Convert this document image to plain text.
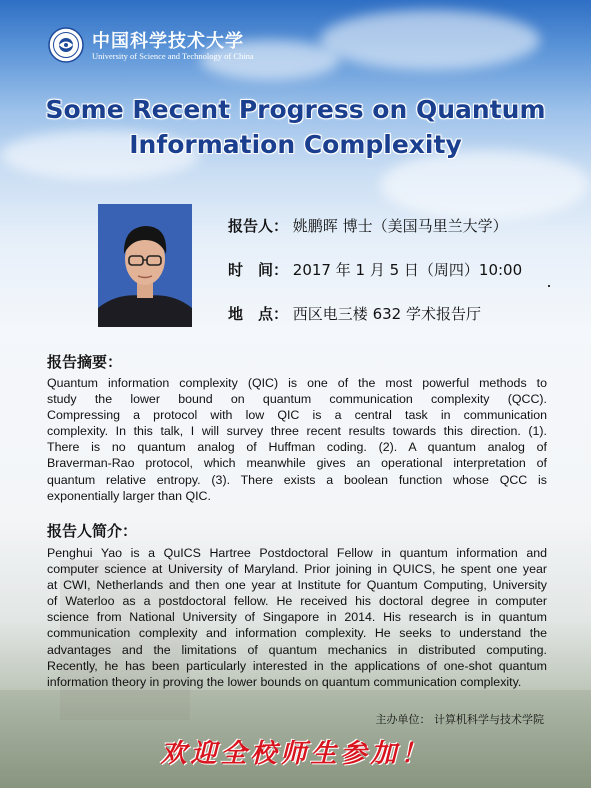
中国科学技术大学
University of Science and Technology of China
Some Recent Progress on Quantum
Information Complexity
报告人： 姚鹏晖 博士（美国马里兰大学）
时　间： 2017 年 1 月 5 日（周四）10:00
地　点： 西区电三楼 632 学术报告厅
报告摘要：
Quantum information complexity (QIC) is one of the most powerful methods to
study the lower bound on quantum communication complexity (QCC).
Compressing a protocol with low QIC is a central task in communication
complexity. In this talk, I will survey three recent results towards this direction. (1).
There is no quantum analog of Huffman coding. (2). A quantum analog of
Braverman-Rao protocol, which meanwhile gives an operational interpretation of
quantum relative entropy. (3). There exists a boolean function whose QCC is
exponentially larger than QIC.
报告人简介：
Penghui Yao is a QuICS Hartree Postdoctoral Fellow in quantum information and
computer science at University of Maryland. Prior joining in QUICS, he spent one year
at CWI, Netherlands and then one year at Institute for Quantum Computing, University
of Waterloo as a postdoctoral fellow. He received his doctoral degree in computer
science from National University of Singapore in 2014. His research is in quantum
communication complexity and information complexity. He seeks to understand the
advantages and the limitations of quantum mechanics in distributed computing.
Recently, he has been particularly interested in the applications of one-shot quantum
information theory in proving the lower bounds on quantum communication complexity.
主办单位： 计算机科学与技术学院
欢迎全校师生参加！
